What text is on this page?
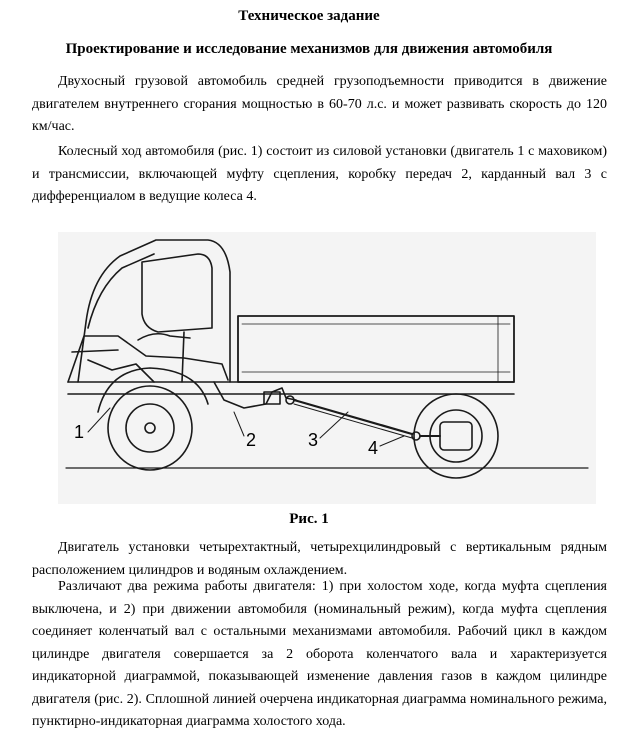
Техническое задание
Проектирование и исследование механизмов для движения автомобиля

Двухосный грузовой автомобиль средней грузоподъемности приводится в движение двигателем внутреннего сгорания мощностью в 60-70 л.с. и может развивать скорость до 120 км/час.

Колесный ход автомобиля (рис. 1) состоит из силовой установки (двигатель 1 с маховиком) и трансмиссии, включающей муфту сцепления, коробку передач 2, карданный вал 3 с дифференциалом в ведущие колеса 4.

1	2	3	4

Рис. 1

Двигатель установки четырехтактный, четырехцилиндровый с вертикальным рядным расположением цилиндров и водяным охлаждением.

Различают два режима работы двигателя: 1) при холостом ходе, когда муфта сцепления выключена, и 2) при движении автомобиля (номинальный режим), когда муфта сцепления соединяет коленчатый вал с остальными механизмами автомобиля. Рабочий цикл в каждом цилиндре двигателя совершается за 2 оборота коленчатого вала и характеризуется индикаторной диаграммой, показывающей изменение давления газов в каждом цилиндре двигателя (рис. 2). Сплошной линией очерчена индикаторная диаграмма номинального режима, пунктирно-индикаторная диаграмма холостого хода.
